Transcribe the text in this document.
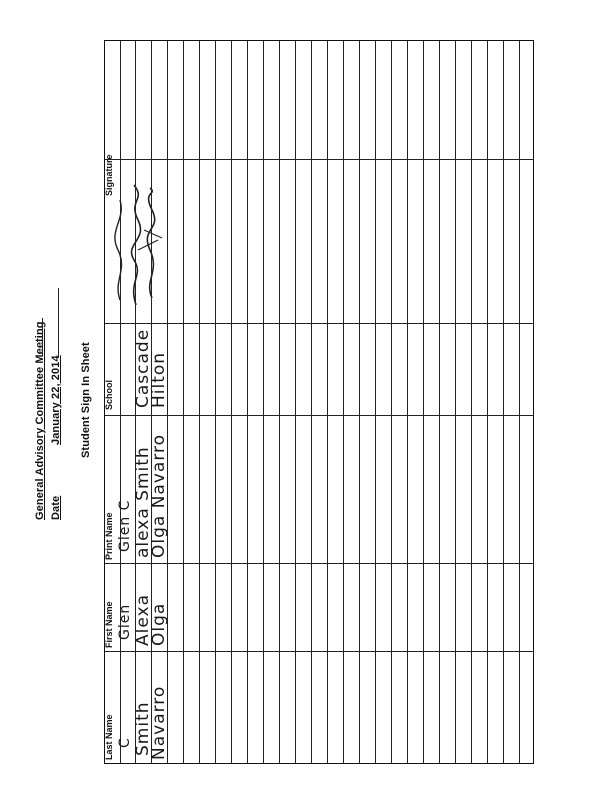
General Advisory Committee Meeting Date
January 22, 2014 Student Sign In Sheet
Last Name
First Name
Print Name
School
Signature
C
Glen
Glen C
Smith
Alexa
alexa Smith
Cascade
Navarro
Olga
Olga Navarro
Hilton
